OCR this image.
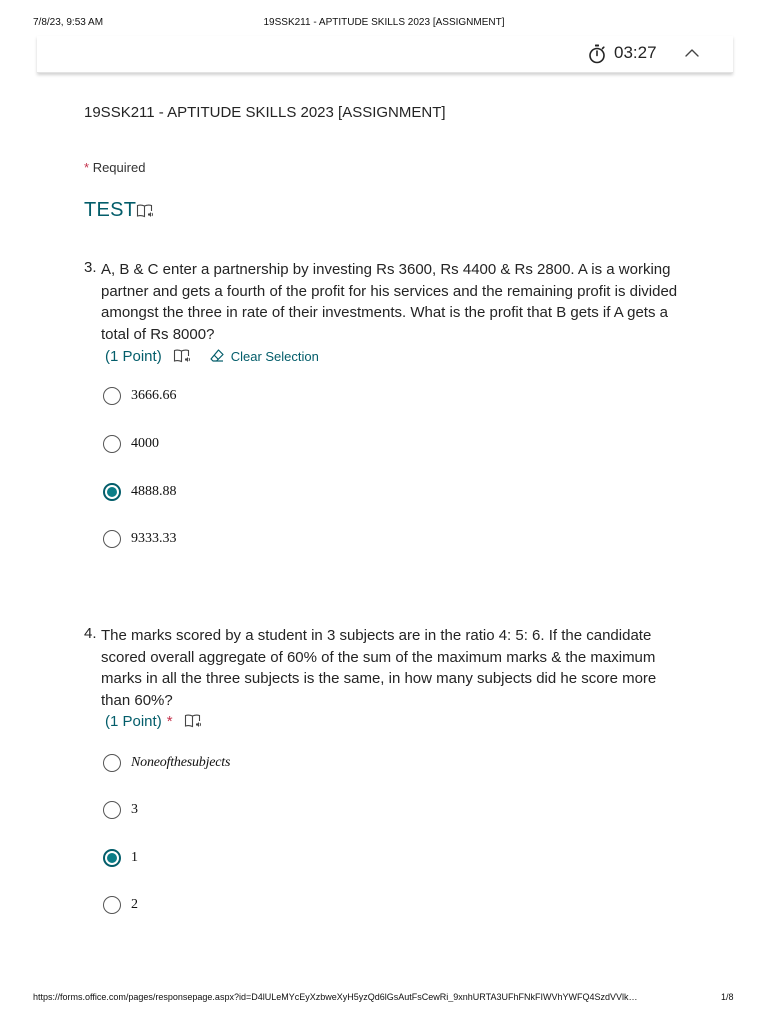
7/8/23, 9:53 AM	19SSK211 - APTITUDE SKILLS 2023 [ASSIGNMENT]
03:27
19SSK211 - APTITUDE SKILLS 2023 [ASSIGNMENT]
* Required
TEST
3. A, B & C enter a partnership by investing Rs 3600, Rs 4400 & Rs 2800. A is a working partner and gets a fourth of the profit for his services and the remaining profit is divided amongst the three in rate of their investments. What is the profit that B gets if A gets a total of Rs 8000?
(1 Point)	Clear Selection
3666.66
4000
4888.88
9333.33
4. The marks scored by a student in 3 subjects are in the ratio 4: 5: 6. If the candidate scored overall aggregate of 60% of the sum of the maximum marks & the maximum marks in all the three subjects is the same, in how many subjects did he score more than 60%?
(1 Point) *
Noneofthesubjects
3
1
2
https://forms.office.com/pages/responsepage.aspx?id=D4lULeMYcEyXzbweXyH5yzQd6lGsAutFsCewRi_9xnhURTA3UFhFNkFIWVhYWFQ4SzdVVlk…	1/8
